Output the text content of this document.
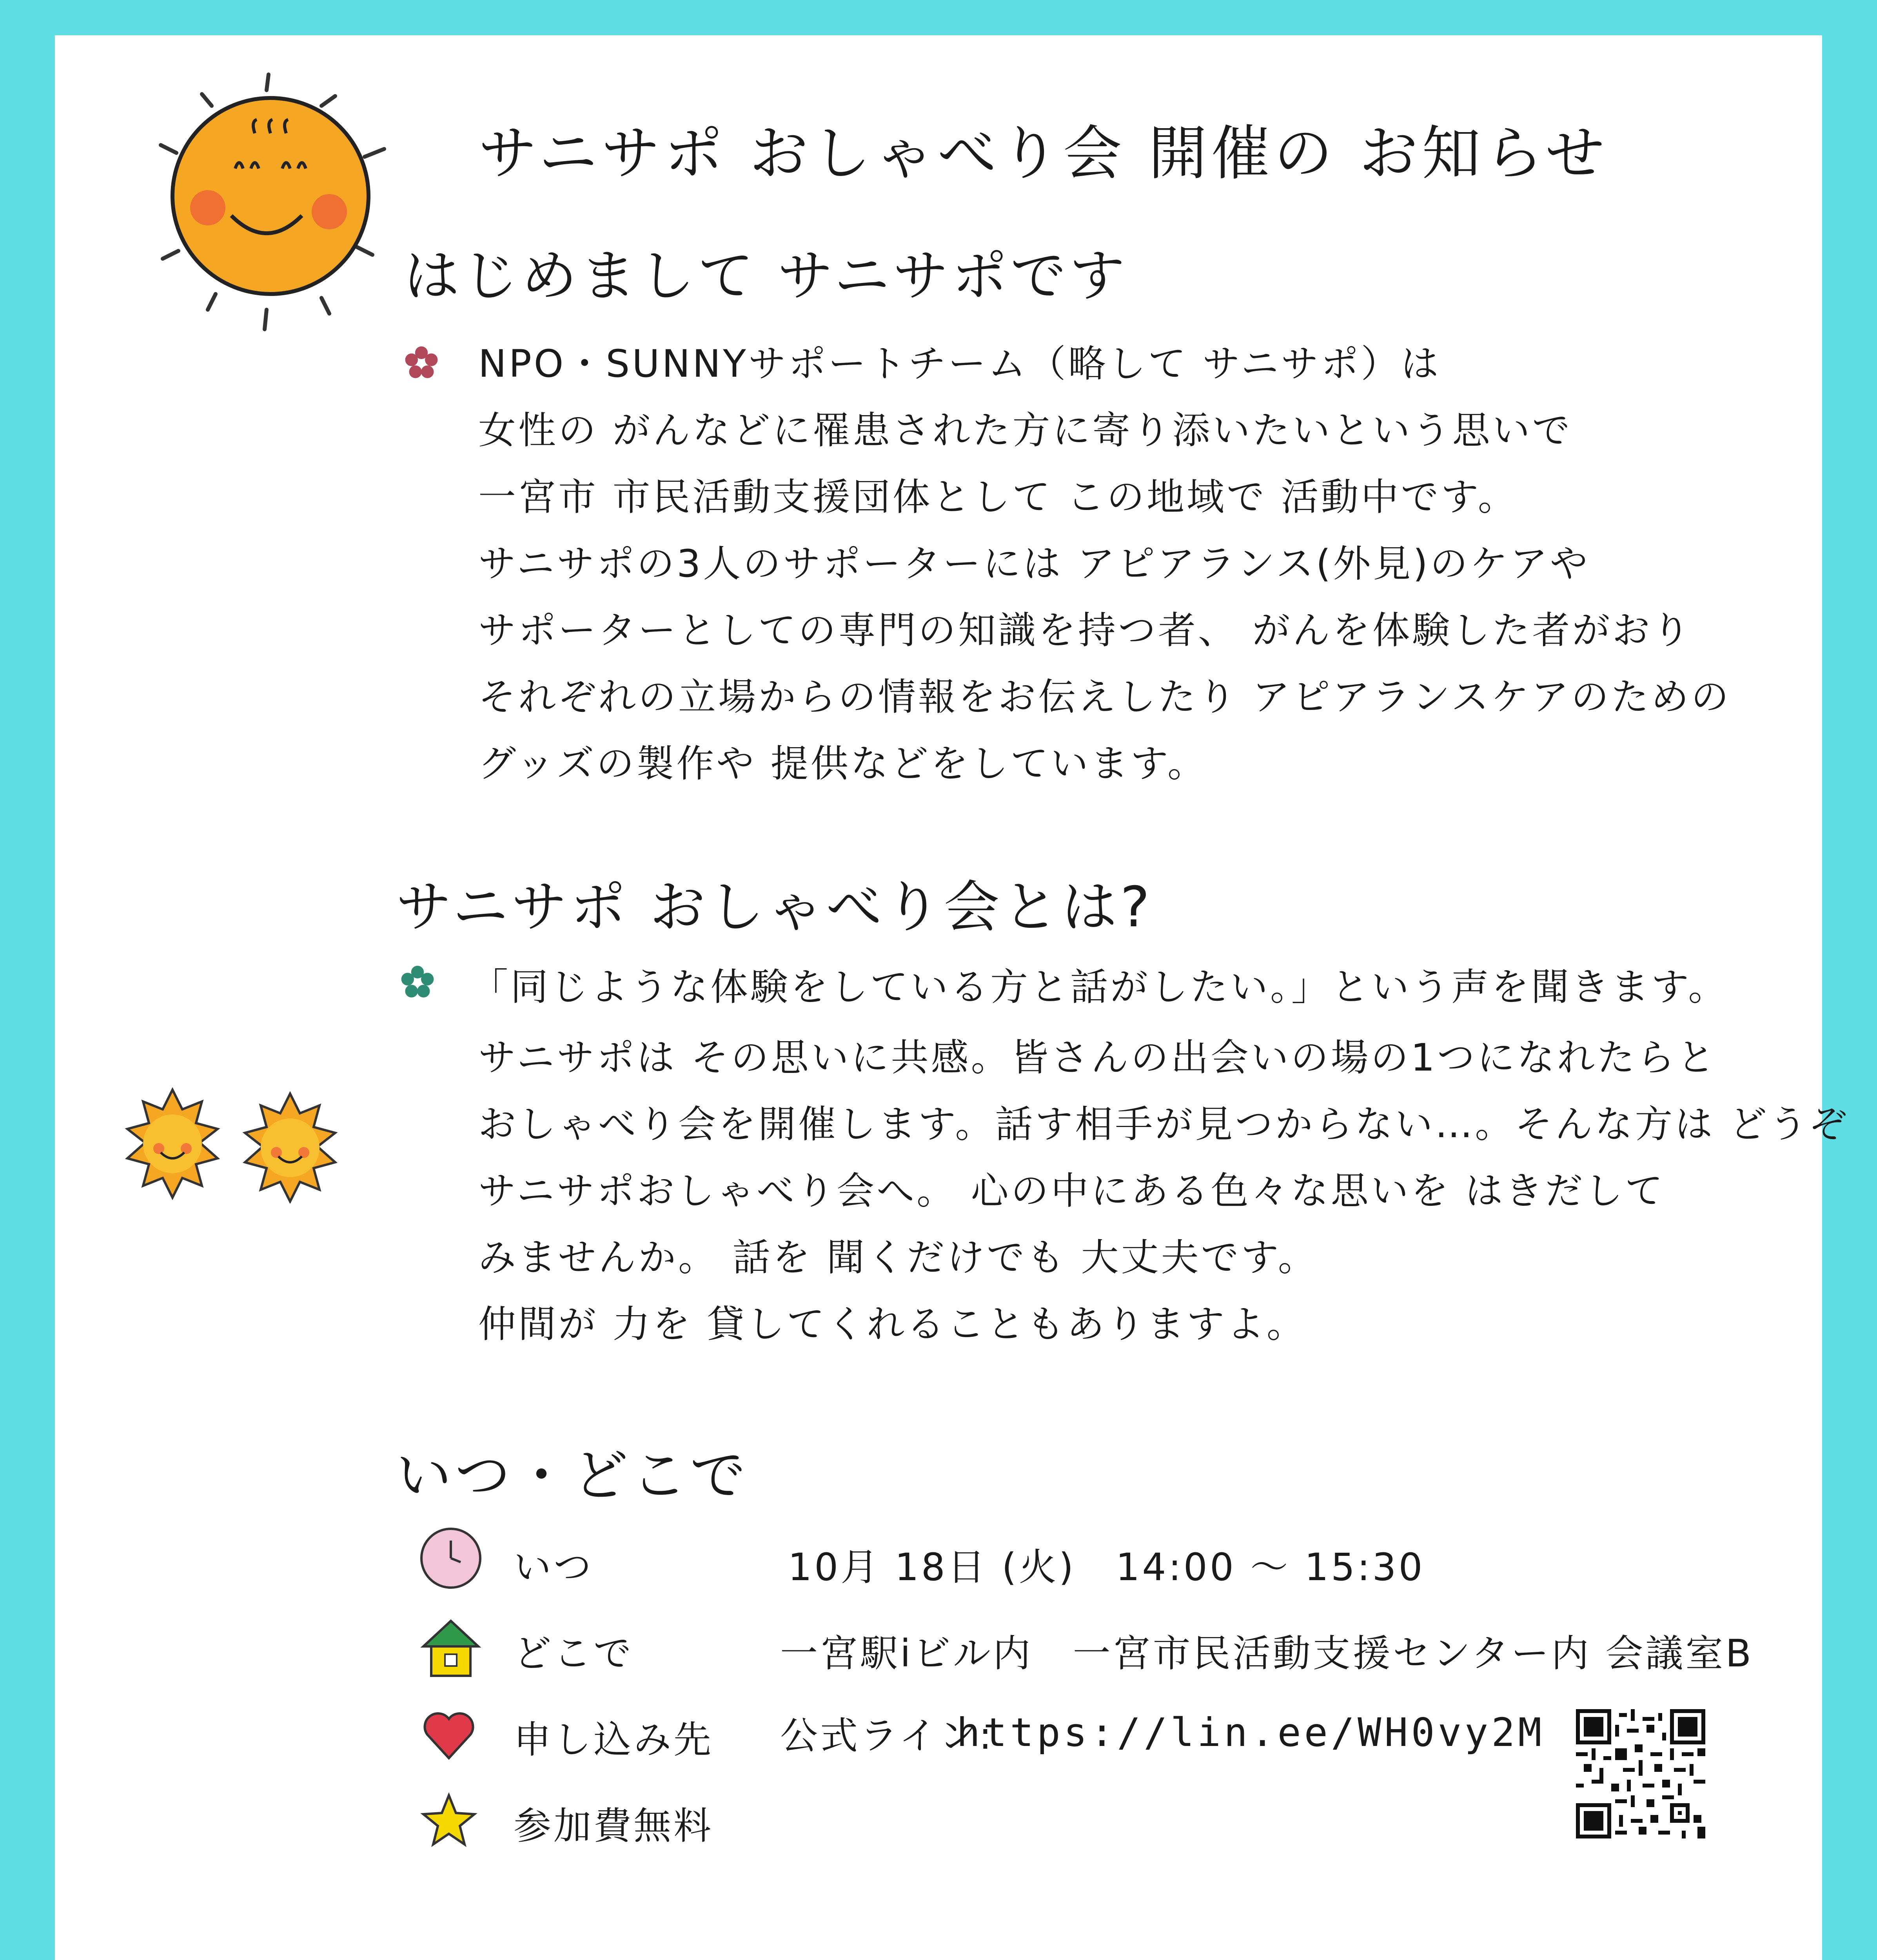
サニサポ おしゃべり会 開催の お知らせ
はじめまして サニサポです
NPO・SUNNYサポートチーム（略して サニサポ）は
女性の がんなどに罹患された方に寄り添いたいという思いで
一宮市 市民活動支援団体として この地域で 活動中です。
サニサポの3人のサポーターには アピアランス(外見)のケアや
サポーターとしての専門の知識を持つ者、 がんを体験した者がおり
それぞれの立場からの情報をお伝えしたり アピアランスケアのための
グッズの製作や 提供などをしています。
サニサポ おしゃべり会とは?
「同じような体験をしている方と話がしたい。」という声を聞きます。
サニサポは その思いに共感。皆さんの出会いの場の1つになれたらと
おしゃべり会を開催します。話す相手が見つからない…。そんな方は どうぞ
サニサポおしゃべり会へ。 心の中にある色々な思いを はきだして
みませんか。 話を 聞くだけでも 大丈夫です。
仲間が 力を 貸してくれることもありますよ。
いつ・どこで
いつ	10月 18日 (火)　14:00 ～ 15:30
どこで	一宮駅iビル内　一宮市民活動支援センター内 会議室B
申し込み先 公式ライン:
https://lin.ee/WH0vy2M
参加費無料
